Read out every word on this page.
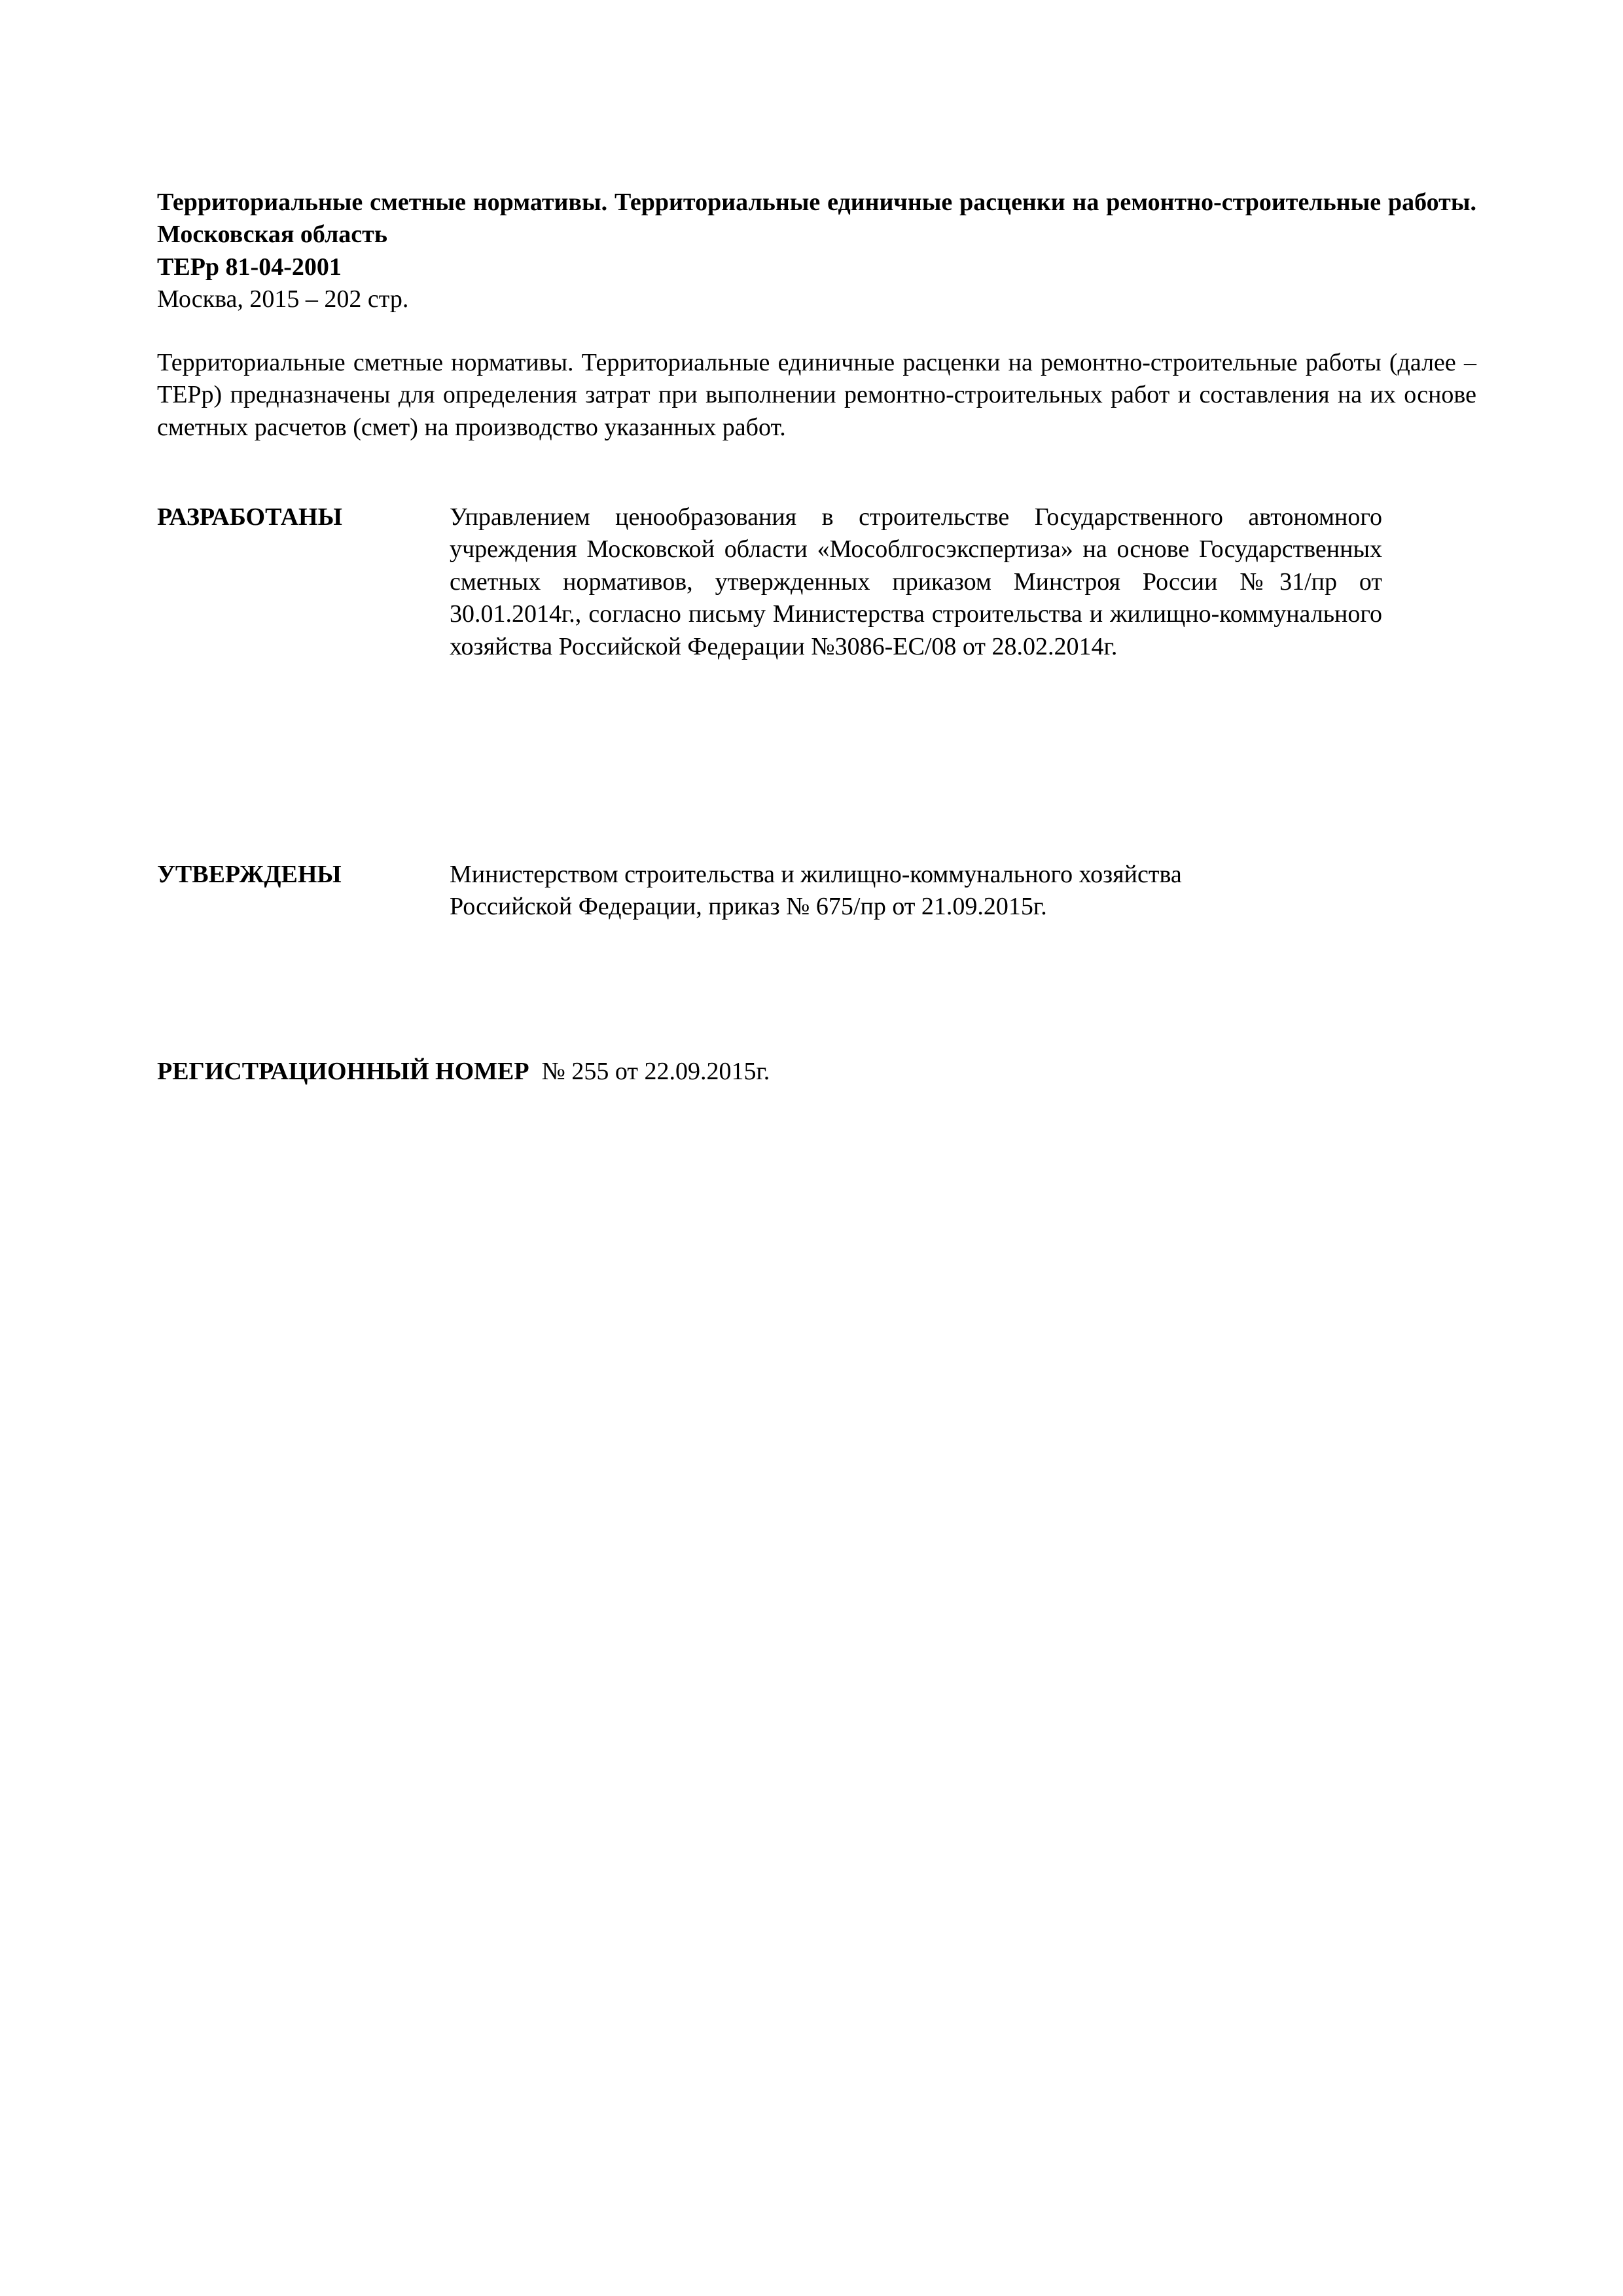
Территориальные сметные нормативы. Территориальные единичные расценки на ремонтно-строительные работы. Московская область
ТЕРр 81-04-2001
Москва, 2015 – 202 стр.
Территориальные сметные нормативы. Территориальные единичные расценки на ремонтно-строительные работы (далее – ТЕРр) предназначены для определения затрат при выполнении ремонтно-строительных работ и составления на их основе сметных расчетов (смет) на производство указанных работ.
РАЗРАБОТАНЫ	Управлением ценообразования в строительстве Государственного автономного учреждения Московской области «Мособлгосэкспертиза» на основе Государственных сметных нормативов, утвержденных приказом Минстроя России №31/пр от 30.01.2014г., согласно письму Министерства строительства и жилищно-коммунального хозяйства Российской Федерации №3086-ЕС/08 от 28.02.2014г.
УТВЕРЖДЕНЫ	Министерством строительства и жилищно-коммунального хозяйства
Российской Федерации, приказ № 675/пр от 21.09.2015г.
РЕГИСТРАЦИОННЫЙ НОМЕР № 255 от 22.09.2015г.
